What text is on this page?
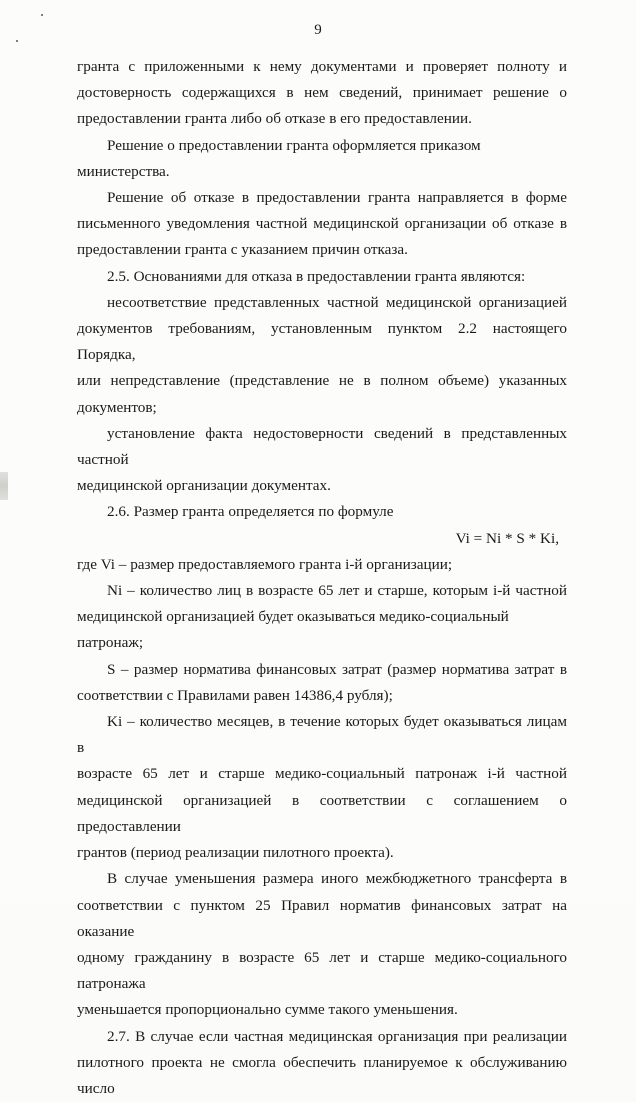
9

гранта с приложенными к нему документами и проверяет полноту и

достоверность содержащихся в нем сведений, принимает решение о

предоставлении гранта либо об отказе в его предоставлении.

Решение о предоставлении гранта оформляется приказом министерства.

Решение об отказе в предоставлении гранта направляется в форме

письменного уведомления частной медицинской организации об отказе в

предоставлении гранта с указанием причин отказа.

2.5. Основаниями для отказа в предоставлении гранта являются:

несоответствие представленных частной медицинской организацией

документов требованиям, установленным пунктом 2.2 настоящего Порядка,

или непредставление (представление не в полном объеме) указанных

документов;

установление факта недостоверности сведений в представленных частной

медицинской организации документах.

2.6. Размер гранта определяется по формуле

Vi = Ni * S * Ki,

где Vi – размер предоставляемого гранта i-й организации;

Ni – количество лиц в возрасте 65 лет и старше, которым i-й частной

медицинской организацией будет оказываться медико-социальный патронаж;

S – размер норматива финансовых затрат (размер норматива затрат в

соответствии с Правилами равен 14386,4 рубля);

Ki – количество месяцев, в течение которых будет оказываться лицам в

возрасте 65 лет и старше медико-социальный патронаж i-й частной

медицинской организацией в соответствии с соглашением о предоставлении

грантов (период реализации пилотного проекта).

В случае уменьшения размера иного межбюджетного трансферта в

соответствии с пунктом 25 Правил норматив финансовых затрат на оказание

одному гражданину в возрасте 65 лет и старше медико-социального патронажа

уменьшается пропорционально сумме такого уменьшения.

2.7. В случае если частная медицинская организация при реализации

пилотного проекта не смогла обеспечить планируемое к обслуживанию число
